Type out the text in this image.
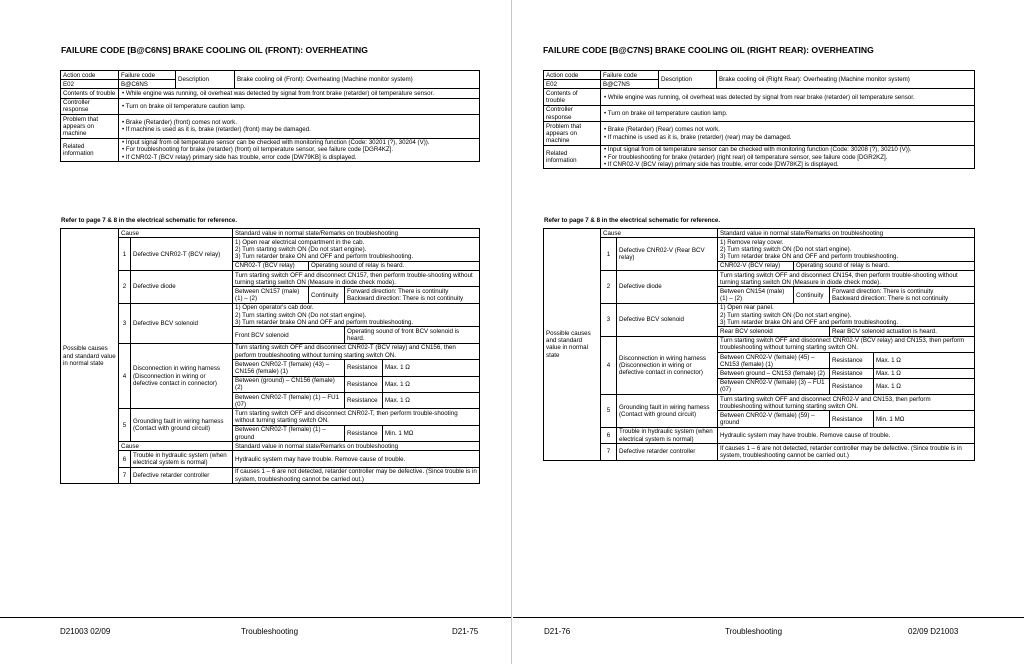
FAILURE CODE [B@C6NS] BRAKE COOLING OIL (FRONT): OVERHEATING
Action code	Failure code	Description	Brake cooling oil (Front): Overheating (Machine monitor system)
E02	B@C6NS		
Contents of trouble	• While engine was running, oil overheat was detected by signal from front brake (retarder) oil temperature sensor.		

Controller response	• Turn on brake oil temperature caution lamp.		

Problem that appears on machine	• Brake (Retarder) (front) comes not work.
• If machine is used as it is, brake (retarder) (front) may be damaged.		

Related information	• Input signal from oil temperature sensor can be checked with monitoring function (Code: 30201 (?), 30204 (V)).
• For troubleshooting for brake (retarder) (front) oil temperature sensor, see failure code [DGR4KZ].
• If CNR02-T (BCV relay) primary side has trouble, error code [DW79KB] is displayed.		
Refer to page 7 & 8 in the electrical schematic for reference.
Possible causes and standard value in normal state	Cause		Standard value in normal state/Remarks on troubleshooting			
	1	Defective CNR02-T (BCV relay)	1) Open rear electrical compartment in the cab.
2) Turn starting switch ON (Do not start engine).
3) Turn retarder brake ON and OFF and perform troubleshooting.			

			CNR02-T (BCV relay)	Operating sound of relay is heard.		
	2	Defective diode	Turn starting switch OFF and disconnect CN157, then perform trouble-shooting without turning starting switch ON (Measure in diode check mode).			
			Between CN157 (male) (1) – (2)	Continuity	Forward direction: There is continuity
Backward direction: There is not continuity	

	3	Defective BCV solenoid	1) Open operator's cab door.
2) Turn starting switch ON (Do not start engine).
3) Turn retarder brake ON and OFF and perform troubleshooting.			

			Front BCV solenoid		Operating sound of front BCV solenoid is heard.	
	4	Disconnection in wiring harness (Disconnection in wiring or defective contact in connector)	Turn starting switch OFF and disconnect CNR02-T (BCV relay) and CN156, then perform troubleshooting without turning starting switch ON.			
			Between CNR02-T (female) (43) – CN156 (female) (1)		Resistance	Max. 1 Ω
			Between (ground) – CN156 (female) (2)		Resistance	Max. 1 Ω
			Between CNR02-T (female) (1) – FU1 (07)		Resistance	Max. 1 Ω
	5	Grounding fault in wiring harness (Contact with ground circuit)	Turn starting switch OFF and disconnect CNR02-T, then perform trouble-shooting without turning starting switch ON.			
			Between CNR02-T (female) (1) – ground		Resistance	Min. 1 MΩ
	Cause		Standard value in normal state/Remarks on troubleshooting			
	6	Trouble in hydraulic system (when electrical system is normal)	Hydraulic system may have trouble. Remove cause of trouble.			
	7	Defective retarder controller	If causes 1 – 6 are not detected, retarder controller may be defective. (Since trouble is in system, troubleshooting cannot be carried out.)			
D21003 02/09	Troubleshooting	D21-75
FAILURE CODE [B@C7NS] BRAKE COOLING OIL (RIGHT REAR): OVERHEATING
Action code	Failure code	Description	Brake cooling oil (Right Rear): Overheating (Machine monitor system)
E02	B@C7NS		
Contents of trouble	• While engine was running, oil overheat was detected by signal from rear brake (retarder) oil temperature sensor.		

Controller response	• Turn on brake oil temperature caution lamp.		

Problem that appears on machine	• Brake (Retarder) (Rear) comes not work.
• If machine is used as it is, brake (retarder) (rear) may be damaged.		

Related information	• Input signal from oil temperature sensor can be checked with monitoring function (Code: 30208 (?), 30210 (V)).
• For troubleshooting for brake (retarder) (right rear) oil temperature sensor, see failure code [DGR2KZ].
• If CNR02-V (BCV relay) primary side has trouble, error code [DW78KZ] is displayed.		
Refer to page 7 & 8 in the electrical schematic for reference.
Possible causes and standard value in normal state	Cause		Standard value in normal state/Remarks on troubleshooting			
	1	Defective CNR02-V (Rear BCV relay)	1) Remove relay cover.
2) Turn starting switch ON (Do not start engine).
3) Turn retarder brake ON and OFF and perform troubleshooting.			

			CNR02-V (BCV relay)	Operating sound of relay is heard.		
	2	Defective diode	Turn starting switch OFF and disconnect CN154, then perform trouble-shooting without turning starting switch ON (Measure in diode check mode).			
			Between CN154 (male) (1) – (2)	Continuity	Forward direction: There is continuity
Backward direction: There is not continuity	

	3	Defective BCV solenoid	1) Open rear panel.
2) Turn starting switch ON (Do not start engine).
3) Turn retarder brake ON and OFF and perform troubleshooting.			

			Rear BCV solenoid		Rear BCV solenoid actuation is heard.	
	4	Disconnection in wiring harness (Disconnection in wiring or defective contact in connector)	Turn starting switch OFF and disconnect CNR02-V (BCV relay) and CN153, then perform troubleshooting without turning starting switch ON.			
			Between CNR02-V (female) (45) – CN153 (female) (1)		Resistance	Max. 1 Ω
			Between ground – CN153 (female) (2)		Resistance	Max. 1 Ω
			Between CNR02-V (female) (3) – FU1 (07)		Resistance	Max. 1 Ω
	5	Grounding fault in wiring harness (Contact with ground circuit)	Turn starting switch OFF and disconnect CNR02-V and CN153, then perform troubleshooting without turning starting switch ON.			
			Between CNR02-V (female) (59) – ground		Resistance	Min. 1 MΩ
	6	Trouble in hydraulic system (when electrical system is normal)	Hydraulic system may have trouble. Remove cause of trouble.			
	7	Defective retarder controller	If causes 1 – 6 are not detected, retarder controller may be defective. (Since trouble is in system, troubleshooting cannot be carried out.)			
D21-76	Troubleshooting	02/09 D21003
